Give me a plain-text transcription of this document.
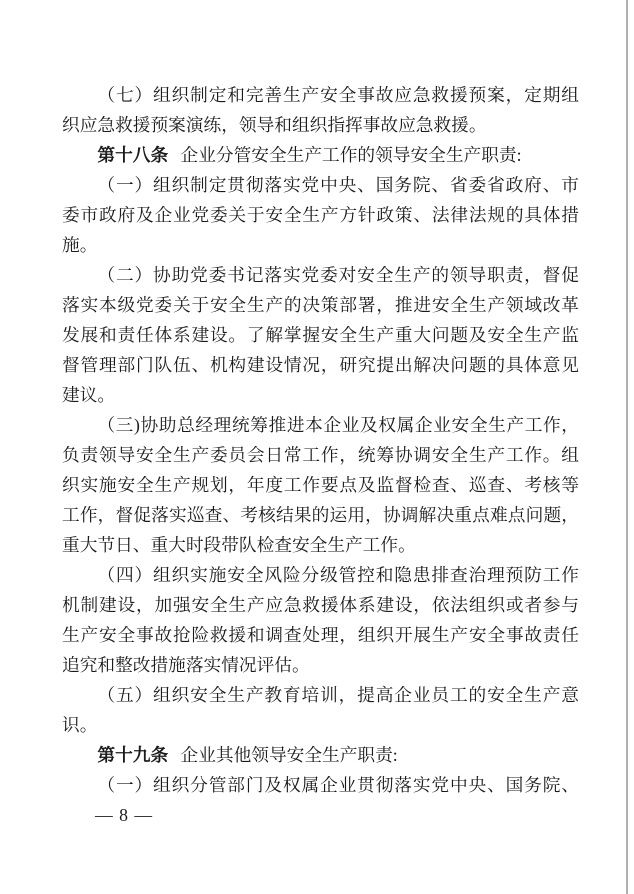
（七）组织制定和完善生产安全事故应急救援预案，定期组
织应急救援预案演练，领导和组织指挥事故应急救援。
第十八条 企业分管安全生产工作的领导安全生产职责:
（一）组织制定贯彻落实党中央、国务院、省委省政府、市
委市政府及企业党委关于安全生产方针政策、法律法规的具体措
施。
（二）协助党委书记落实党委对安全生产的领导职责，督促
落实本级党委关于安全生产的决策部署，推进安全生产领域改革
发展和责任体系建设。了解掌握安全生产重大问题及安全生产监
督管理部门队伍、机构建设情况，研究提出解决问题的具体意见
建议。
（三)协助总经理统筹推进本企业及权属企业安全生产工作，
负责领导安全生产委员会日常工作，统筹协调安全生产工作。组
织实施安全生产规划，年度工作要点及监督检查、巡查、考核等
工作，督促落实巡查、考核结果的运用，协调解决重点难点问题，
重大节日、重大时段带队检查安全生产工作。
（四）组织实施安全风险分级管控和隐患排查治理预防工作
机制建设，加强安全生产应急救援体系建设，依法组织或者参与
生产安全事故抢险救援和调查处理，组织开展生产安全事故责任
追究和整改措施落实情况评估。
（五）组织安全生产教育培训，提高企业员工的安全生产意
识。
第十九条 企业其他领导安全生产职责:
（一）组织分管部门及权属企业贯彻落实党中央、国务院、
— 8 —
